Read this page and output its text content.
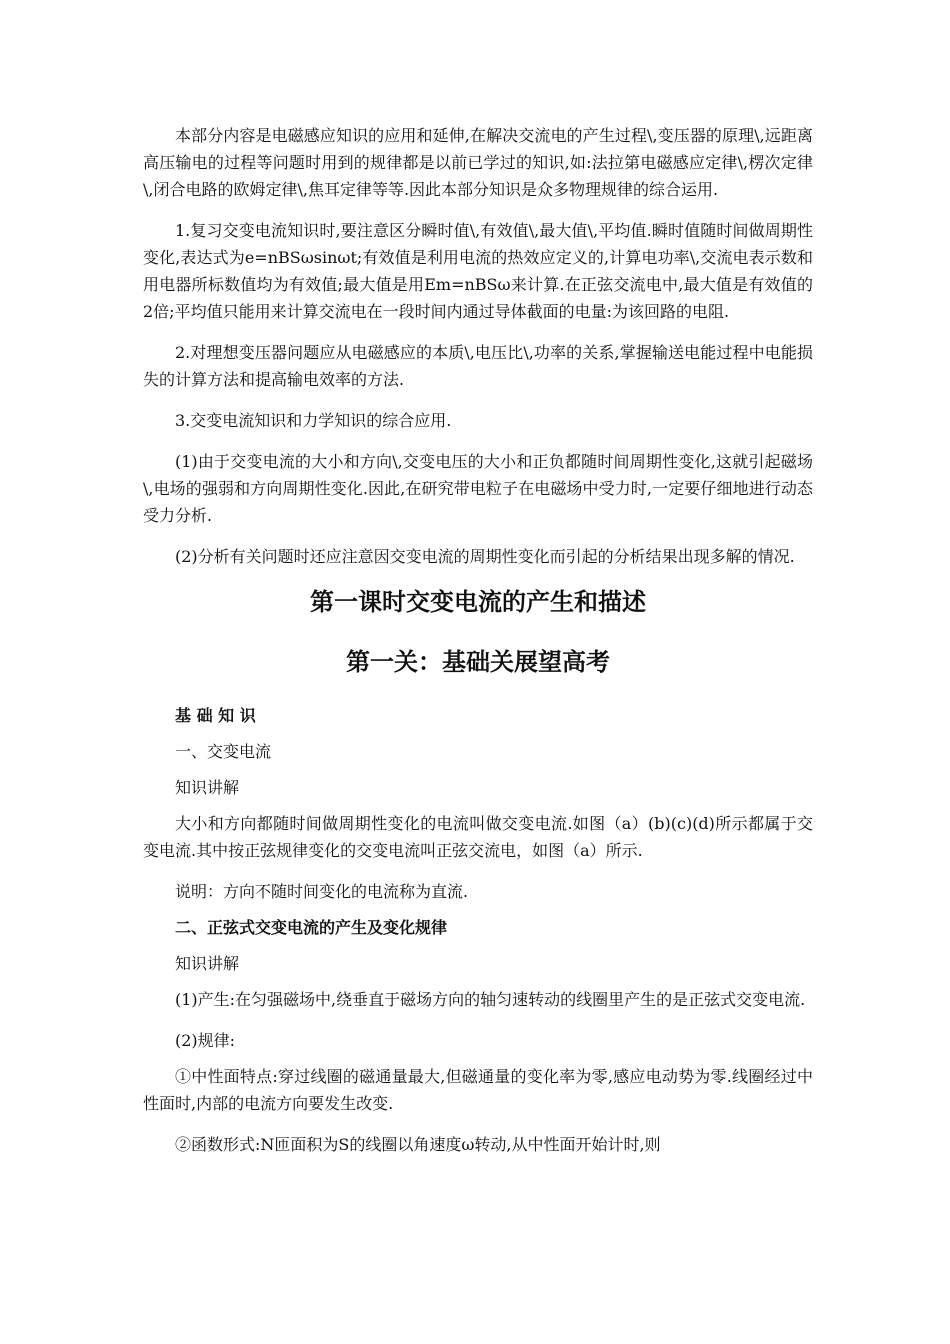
本部分内容是电磁感应知识的应用和延伸,在解决交流电的产生过程\,变压器的原理\,远距离高压输电的过程等问题时用到的规律都是以前已学过的知识,如:法拉第电磁感应定律\,楞次定律\,闭合电路的欧姆定律\,焦耳定律等等.因此本部分知识是众多物理规律的综合运用.

1.复习交变电流知识时,要注意区分瞬时值\,有效值\,最大值\,平均值.瞬时值随时间做周期性变化,表达式为e=nBSωsinωt;有效值是利用电流的热效应定义的,计算电功率\,交流电表示数和用电器所标数值均为有效值;最大值是用Em=nBSω来计算.在正弦交流电中,最大值是有效值的2倍;平均值只能用来计算交流电在一段时间内通过导体截面的电量:为该回路的电阻.

2.对理想变压器问题应从电磁感应的本质\,电压比\,功率的关系,掌握输送电能过程中电能损失的计算方法和提高输电效率的方法.

3.交变电流知识和力学知识的综合应用.

(1)由于交变电流的大小和方向\,交变电压的大小和正负都随时间周期性变化,这就引起磁场\,电场的强弱和方向周期性变化.因此,在研究带电粒子在电磁场中受力时,一定要仔细地进行动态受力分析.

(2)分析有关问题时还应注意因交变电流的周期性变化而引起的分析结果出现多解的情况.

第一课时交变电流的产生和描述
第一关：基础关展望高考

基 础 知 识

一、交变电流

知识讲解

大小和方向都随时间做周期性变化的电流叫做交变电流.如图（a）(b)(c)(d)所示都属于交变电流.其中按正弦规律变化的交变电流叫正弦交流电，如图（a）所示.

说明：方向不随时间变化的电流称为直流.

二、正弦式交变电流的产生及变化规律

知识讲解

(1)产生:在匀强磁场中,绕垂直于磁场方向的轴匀速转动的线圈里产生的是正弦式交变电流.

(2)规律:

①中性面特点:穿过线圈的磁通量最大,但磁通量的变化率为零,感应电动势为零.线圈经过中性面时,内部的电流方向要发生改变.

②函数形式:N匝面积为S的线圈以角速度ω转动,从中性面开始计时,则
